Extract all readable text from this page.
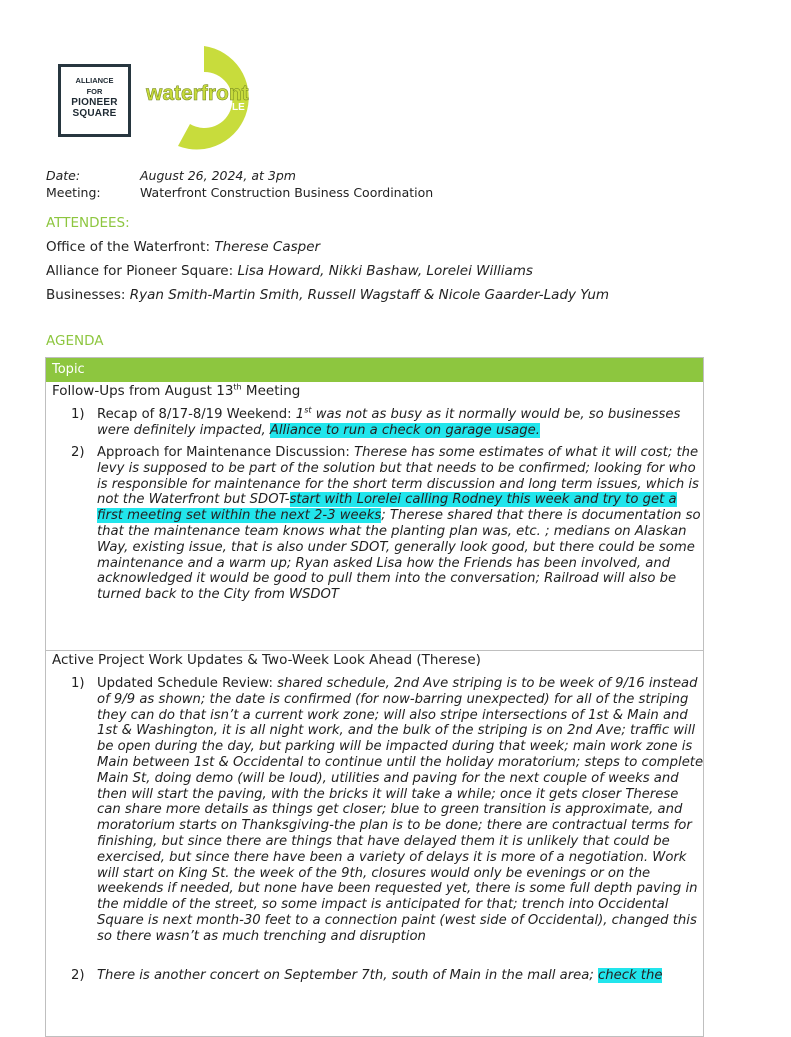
ALLIANCE
FOR
PIONEER
SQUARE
waterfront
SEATTLE
Date:	August 26, 2024, at 3pm
Meeting:	Waterfront Construction Business Coordination
ATTENDEES:
Office of the Waterfront: Therese Casper
Alliance for Pioneer Square: Lisa Howard, Nikki Bashaw, Lorelei Williams
Businesses: Ryan Smith-Martin Smith, Russell Wagstaff & Nicole Gaarder-Lady Yum
AGENDA
Topic
Follow-Ups from August 13th Meeting
1) Recap of 8/17-8/19 Weekend: 1st was not as busy as it normally would be, so businesses were definitely impacted, Alliance to run a check on garage usage.
2) Approach for Maintenance Discussion: Therese has some estimates of what it will cost; the levy is supposed to be part of the solution but that needs to be confirmed; looking for who is responsible for maintenance for the short term discussion and long term issues, which is not the Waterfront but SDOT-start with Lorelei calling Rodney this week and try to get a first meeting set within the next 2-3 weeks; Therese shared that there is documentation so that the maintenance team knows what the planting plan was, etc. ; medians on Alaskan Way, existing issue, that is also under SDOT, generally look good, but there could be some maintenance and a warm up; Ryan asked Lisa how the Friends has been involved, and acknowledged it would be good to pull them into the conversation; Railroad will also be turned back to the City from WSDOT
Active Project Work Updates & Two-Week Look Ahead (Therese)
1) Updated Schedule Review: shared schedule, 2nd Ave striping is to be week of 9/16 instead of 9/9 as shown; the date is confirmed (for now-barring unexpected) for all of the striping they can do that isn’t a current work zone; will also stripe intersections of 1st & Main and 1st & Washington, it is all night work, and the bulk of the striping is on 2nd Ave; traffic will be open during the day, but parking will be impacted during that week; main work zone is Main between 1st & Occidental to continue until the holiday moratorium; steps to complete Main St, doing demo (will be loud), utilities and paving for the next couple of weeks and then will start the paving, with the bricks it will take a while; once it gets closer Therese can share more details as things get closer; blue to green transition is approximate, and moratorium starts on Thanksgiving-the plan is to be done; there are contractual terms for finishing, but since there are things that have delayed them it is unlikely that could be exercised, but since there have been a variety of delays it is more of a negotiation. Work will start on King St. the week of the 9th, closures would only be evenings or on the weekends if needed, but none have been requested yet, there is some full depth paving in the middle of the street, so some impact is anticipated for that; trench into Occidental Square is next month-30 feet to a connection paint (west side of Occidental), changed this so there wasn’t as much trenching and disruption
2) There is another concert on September 7th, south of Main in the mall area; check the
